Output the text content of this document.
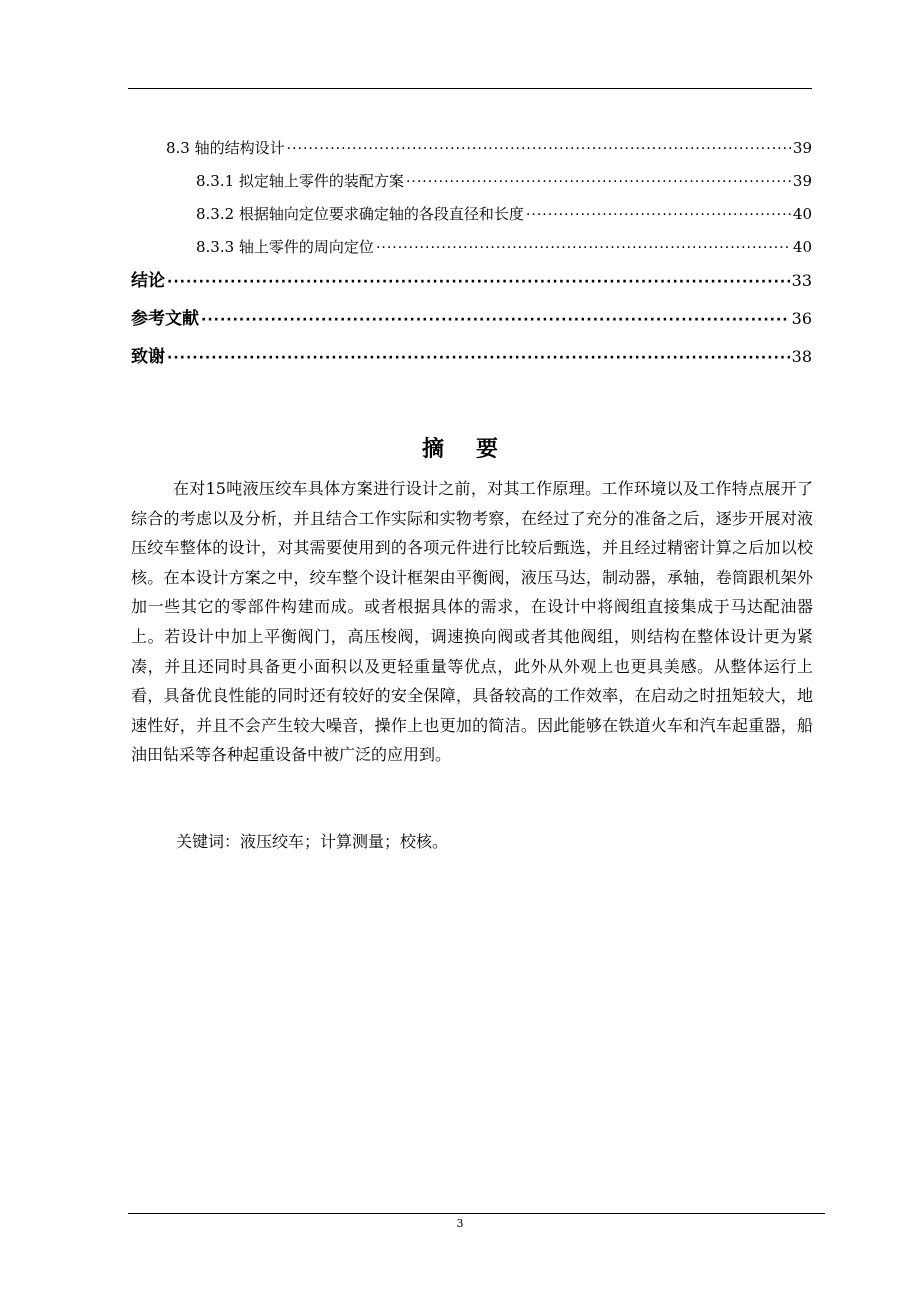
8.3 轴的结构设计 ·····	39
8.3.1 拟定轴上零件的装配方案 ·····	39
8.3.2 根据轴向定位要求确定轴的各段直径和长度 ·····	40
8.3.3 轴上零件的周向定位 ·····	40
结论 ·····	33
参考文献 ·····	36
致谢 ·····	38
摘要

在对15吨液压绞车具体方案进行设计之前，对其工作原理。工作环境以及工作特点展开了综合的考虑以及分析，并且结合工作实际和实物考察，在经过了充分的准备之后，逐步开展对液压绞车整体的设计，对其需要使用到的各项元件进行比较后甄选，并且经过精密计算之后加以校核。在本设计方案之中，绞车整个设计框架由平衡阀，液压马达，制动器，承轴，卷筒跟机架外加一些其它的零部件构建而成。或者根据具体的需求，在设计中将阀组直接集成于马达配油器上。若设计中加上平衡阀门，高压梭阀，调速换向阀或者其他阀组，则结构在整体设计更为紧凑，并且还同时具备更小面积以及更轻重量等优点，此外从外观上也更具美感。从整体运行上看，具备优良性能的同时还有较好的安全保障，具备较高的工作效率，在启动之时扭矩较大，地速性好，并且不会产生较大噪音，操作上也更加的简洁。因此能够在铁道火车和汽车起重器，船油田钻采等各种起重设备中被广泛的应用到。

关键词：液压绞车；计算测量；校核。

3
